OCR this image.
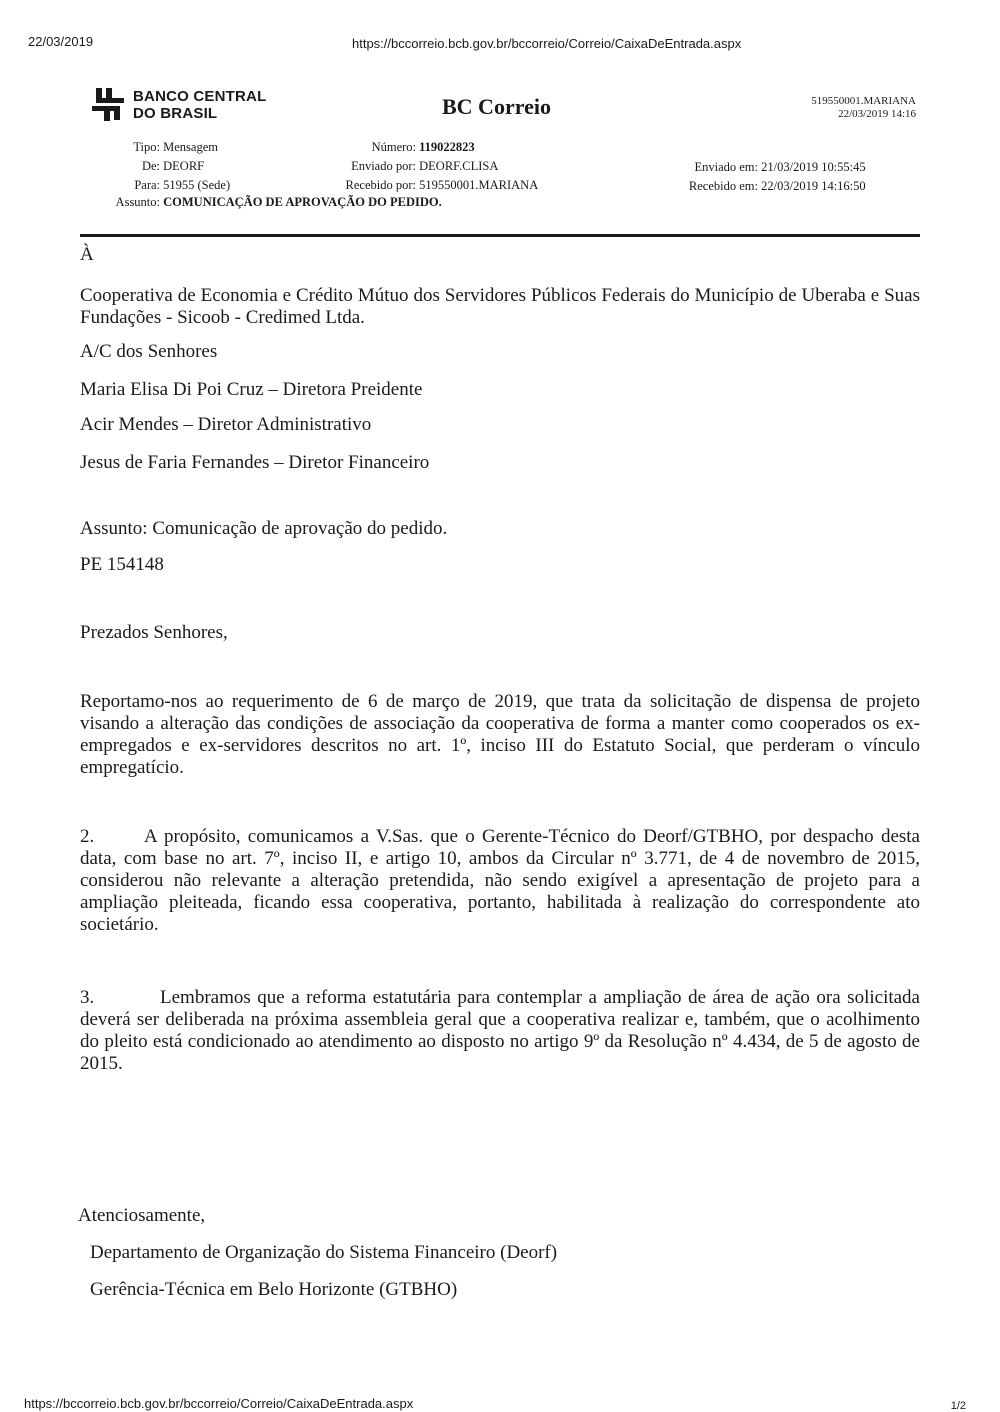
22/03/2019	https://bccorreio.bcb.gov.br/bccorreio/Correio/CaixaDeEntrada.aspx
BANCO CENTRAL
DO BRASIL	BC Correio	519550001.MARIANA
22/03/2019 14:16
Tipo: Mensagem
De: DEORF
Para: 51955 (Sede)
Número: 119022823
Enviado por: DEORF.CLISA
Recebido por: 519550001.MARIANA
Enviado em: 21/03/2019 10:55:45
Recebido em: 22/03/2019 14:16:50
Assunto: COMUNICAÇÃO DE APROVAÇÃO DO PEDIDO.
À
Cooperativa de Economia e Crédito Mútuo dos Servidores Públicos Federais do Município de Uberaba e Suas Fundações - Sicoob - Credimed Ltda.
A/C dos Senhores
Maria Elisa Di Poi Cruz – Diretora Preidente
Acir Mendes – Diretor Administrativo
Jesus de Faria Fernandes – Diretor Financeiro
Assunto: Comunicação de aprovação do pedido.
PE 154148
Prezados Senhores,
Reportamo-nos ao requerimento de 6 de março de 2019, que trata da solicitação de dispensa de projeto visando a alteração das condições de associação da cooperativa de forma a manter como cooperados os ex-empregados e ex-servidores descritos no art. 1º, inciso III do Estatuto Social, que perderam o vínculo empregatício.
2.	A propósito, comunicamos a V.Sas. que o Gerente-Técnico do Deorf/GTBHO, por despacho desta data, com base no art. 7º, inciso II, e artigo 10, ambos da Circular nº 3.771, de 4 de novembro de 2015, considerou não relevante a alteração pretendida, não sendo exigível a apresentação de projeto para a ampliação pleiteada, ficando essa cooperativa, portanto, habilitada à realização do correspondente ato societário.
3.	Lembramos que a reforma estatutária para contemplar a ampliação de área de ação ora solicitada deverá ser deliberada na próxima assembleia geral que a cooperativa realizar e, também, que o acolhimento do pleito está condicionado ao atendimento ao disposto no artigo 9º da Resolução nº 4.434, de 5 de agosto de 2015.
Atenciosamente,
Departamento de Organização do Sistema Financeiro (Deorf)
Gerência-Técnica em Belo Horizonte (GTBHO)
https://bccorreio.bcb.gov.br/bccorreio/Correio/CaixaDeEntrada.aspx	1/2
